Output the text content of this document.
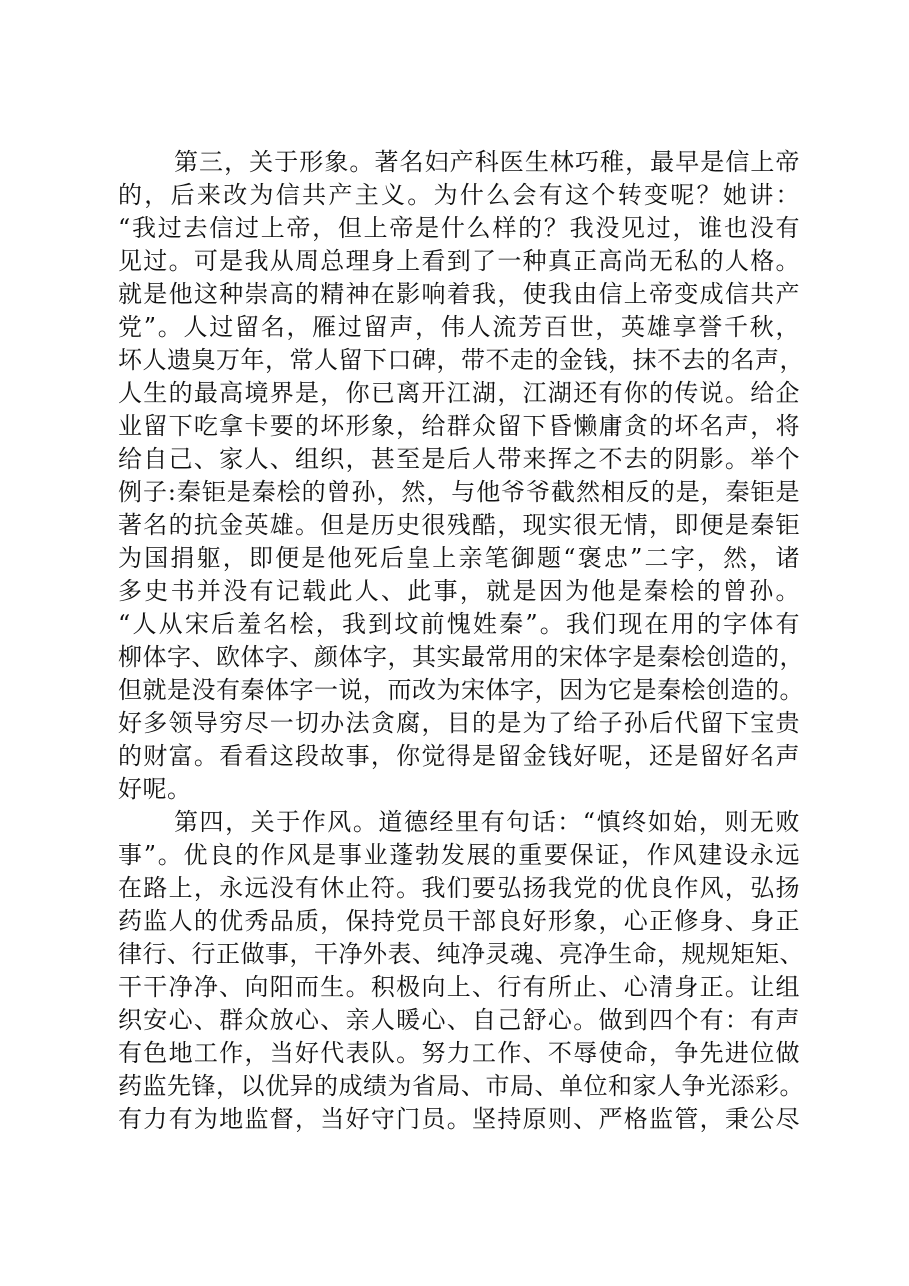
第三，关于形象。著名妇产科医生林巧稚，最早是信上帝
的，后来改为信共产主义。为什么会有这个转变呢？她讲：
“我过去信过上帝，但上帝是什么样的？我没见过，谁也没有
见过。可是我从周总理身上看到了一种真正高尚无私的人格。
就是他这种崇高的精神在影响着我，使我由信上帝变成信共产
党”。人过留名，雁过留声，伟人流芳百世，英雄享誉千秋，
坏人遗臭万年，常人留下口碑，带不走的金钱，抹不去的名声，
人生的最高境界是，你已离开江湖，江湖还有你的传说。给企
业留下吃拿卡要的坏形象，给群众留下昏懒庸贪的坏名声，将
给自己、家人、组织，甚至是后人带来挥之不去的阴影。举个
例子:秦钜是秦桧的曾孙，然，与他爷爷截然相反的是，秦钜是
著名的抗金英雄。但是历史很残酷，现实很无情，即便是秦钜
为国捐躯，即便是他死后皇上亲笔御题“褒忠”二字，然，诸
多史书并没有记载此人、此事，就是因为他是秦桧的曾孙。
“人从宋后羞名桧，我到坟前愧姓秦”。我们现在用的字体有
柳体字、欧体字、颜体字，其实最常用的宋体字是秦桧创造的，
但就是没有秦体字一说，而改为宋体字，因为它是秦桧创造的。
好多领导穷尽一切办法贪腐，目的是为了给子孙后代留下宝贵
的财富。看看这段故事，你觉得是留金钱好呢，还是留好名声
好呢。
第四，关于作风。道德经里有句话：“慎终如始，则无败
事”。优良的作风是事业蓬勃发展的重要保证，作风建设永远
在路上，永远没有休止符。我们要弘扬我党的优良作风，弘扬
药监人的优秀品质，保持党员干部良好形象，心正修身、身正
律行、行正做事，干净外表、纯净灵魂、亮净生命，规规矩矩、
干干净净、向阳而生。积极向上、行有所止、心清身正。让组
织安心、群众放心、亲人暖心、自己舒心。做到四个有：有声
有色地工作，当好代表队。努力工作、不辱使命，争先进位做
药监先锋，以优异的成绩为省局、市局、单位和家人争光添彩。
有力有为地监督，当好守门员。坚持原则、严格监管，秉公尽
